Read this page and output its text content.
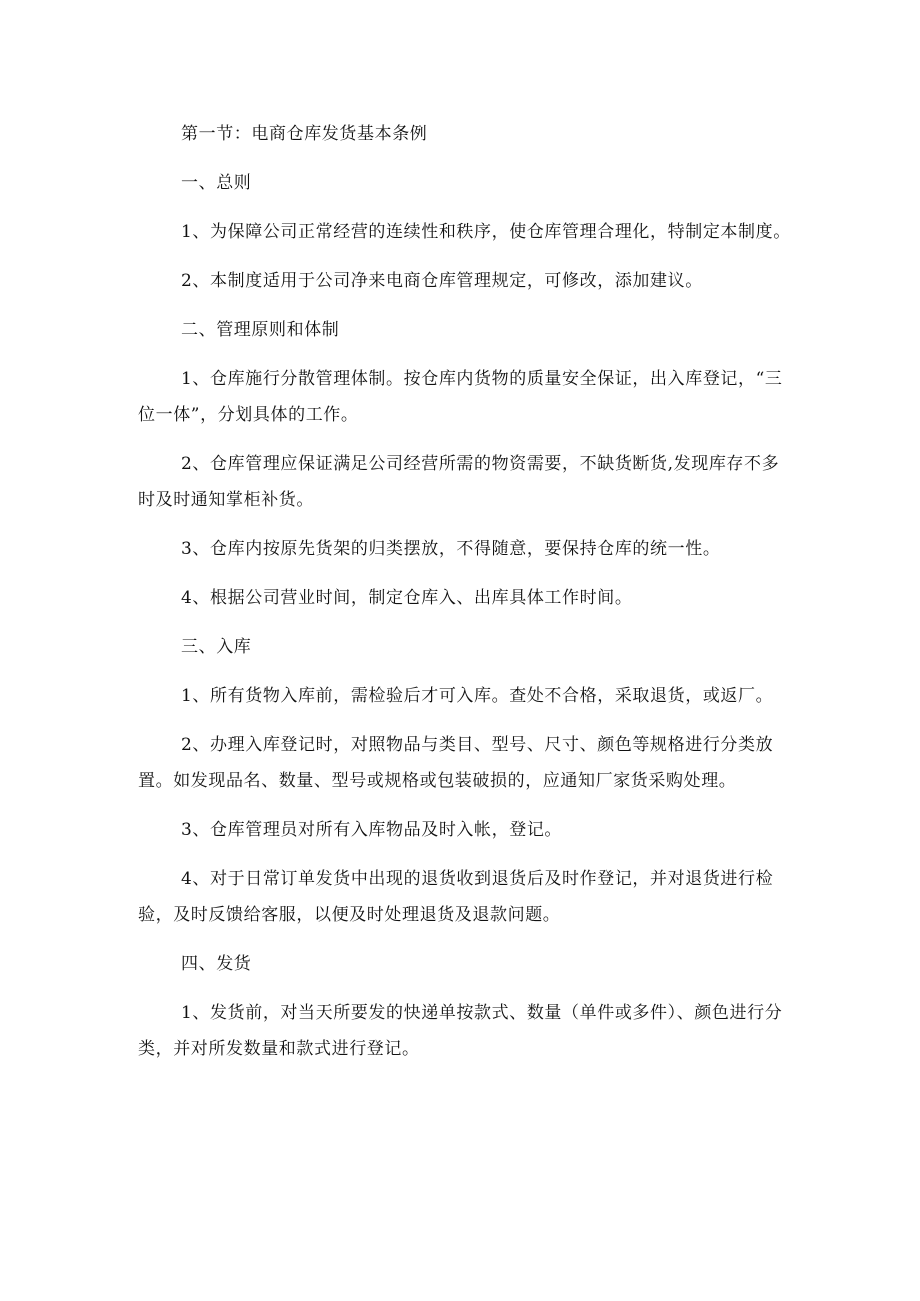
第一节：电商仓库发货基本条例

一、总则

1、为保障公司正常经营的连续性和秩序，使仓库管理合理化，特制定本制度。

2、本制度适用于公司净来电商仓库管理规定，可修改，添加建议。

二、管理原则和体制

1、仓库施行分散管理体制。按仓库内货物的质量安全保证，出入库登记，“三位一体”，分划具体的工作。

2、仓库管理应保证满足公司经营所需的物资需要，不缺货断货,发现库存不多时及时通知掌柜补货。

3、仓库内按原先货架的归类摆放，不得随意，要保持仓库的统一性。

4、根据公司营业时间，制定仓库入、出库具体工作时间。

三、入库

1、所有货物入库前，需检验后才可入库。查处不合格，采取退货，或返厂。

2、办理入库登记时，对照物品与类目、型号、尺寸、颜色等规格进行分类放置。如发现品名、数量、型号或规格或包装破损的，应通知厂家货采购处理。

3、仓库管理员对所有入库物品及时入帐，登记。

4、对于日常订单发货中出现的退货收到退货后及时作登记，并对退货进行检验，及时反馈给客服，以便及时处理退货及退款问题。

四、发货

1、发货前，对当天所要发的快递单按款式、数量（单件或多件）、颜色进行分类，并对所发数量和款式进行登记。
